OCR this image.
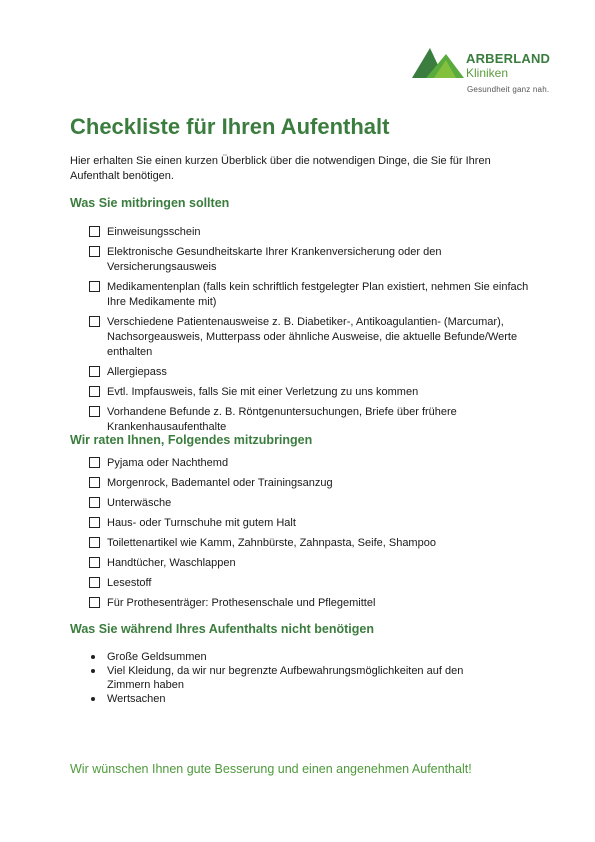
ARBERLAND
Kliniken
Gesundheit ganz nah.
Checkliste für Ihren Aufenthalt

Hier erhalten Sie einen kurzen Überblick über die notwendigen Dinge, die Sie für Ihren Aufenthalt benötigen.

Was Sie mitbringen sollten
Einweisungsschein
Elektronische Gesundheitskarte Ihrer Krankenversicherung oder den Versicherungsausweis
Medikamentenplan (falls kein schriftlich festgelegter Plan existiert, nehmen Sie einfach Ihre Medikamente mit)
Verschiedene Patientenausweise z. B. Diabetiker-, Antikoagulantien- (Marcumar), Nachsorgeausweis, Mutterpass oder ähnliche Ausweise, die aktuelle Befunde/Werte enthalten
Allergiepass
Evtl. Impfausweis, falls Sie mit einer Verletzung zu uns kommen
Vorhandene Befunde z. B. Röntgenuntersuchungen, Briefe über frühere Krankenhausaufenthalte
Wir raten Ihnen, Folgendes mitzubringen
Pyjama oder Nachthemd
Morgenrock, Bademantel oder Trainingsanzug
Unterwäsche
Haus- oder Turnschuhe mit gutem Halt
Toilettenartikel wie Kamm, Zahnbürste, Zahnpasta, Seife, Shampoo
Handtücher, Waschlappen
Lesestoff
Für Prothesenträger: Prothesenschale und Pflegemittel
Was Sie während Ihres Aufenthalts nicht benötigen
Große Geldsummen
Viel Kleidung, da wir nur begrenzte Aufbewahrungsmöglichkeiten auf den Zimmern haben
Wertsachen

Wir wünschen Ihnen gute Besserung und einen angenehmen Aufenthalt!
